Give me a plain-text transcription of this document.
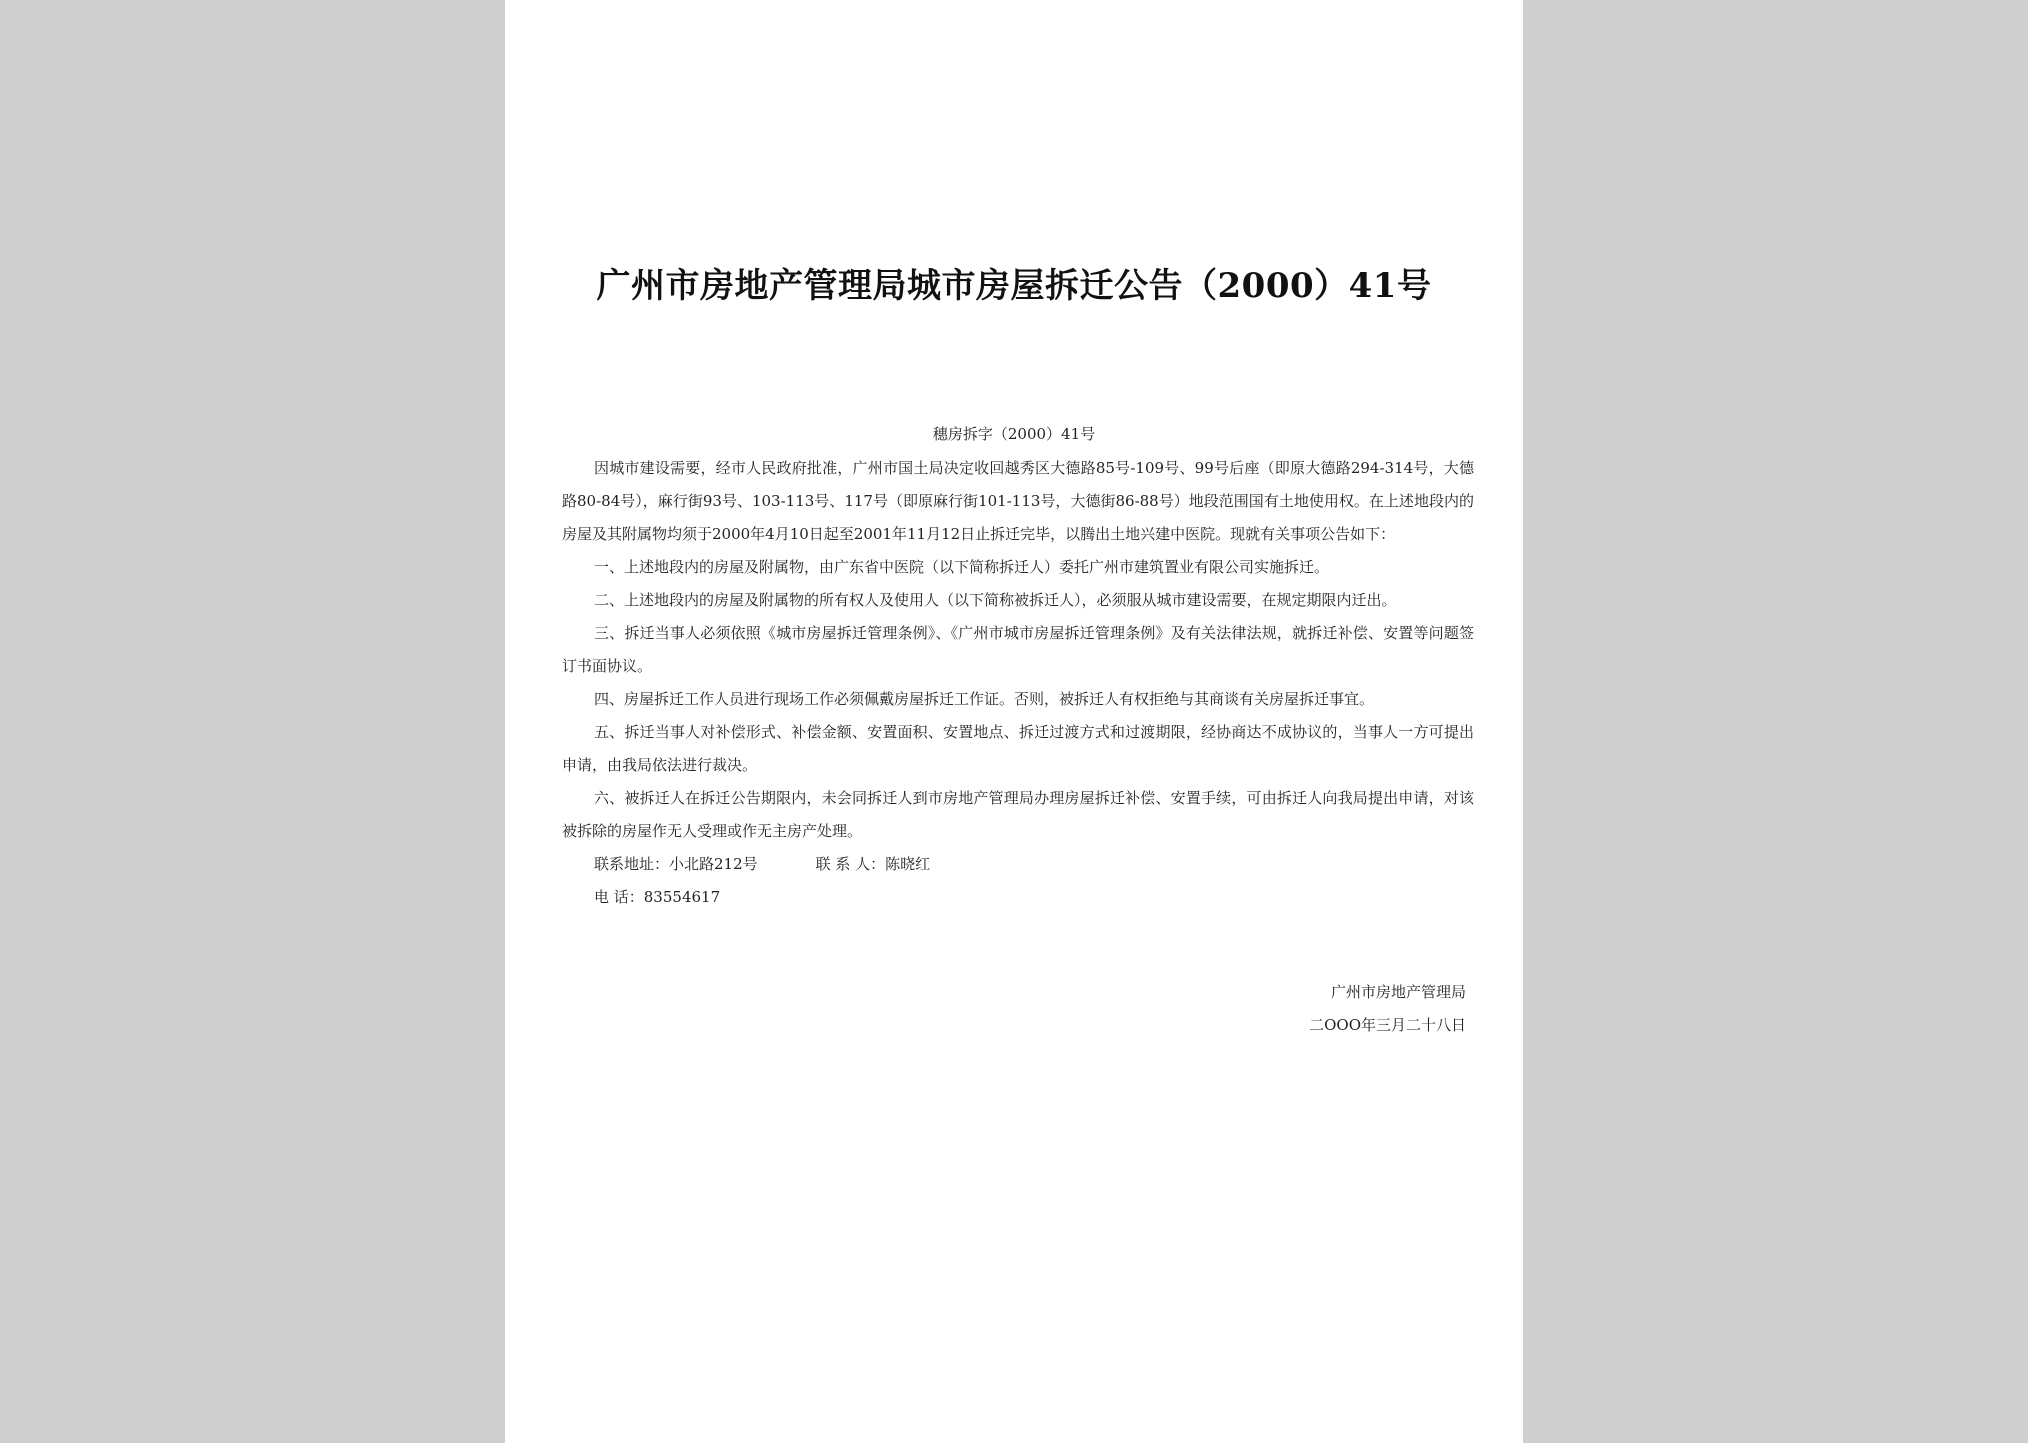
广州市房地产管理局城市房屋拆迁公告（2000）41号
穗房拆字（2000）41号

因城市建设需要，经市人民政府批准，广州市国土局决定收回越秀区大德路85号-109号、99号后座（即原大德路294-314号，大德路80-84号），麻行街93号、103-113号、117号（即原麻行街101-113号，大德街86-88号）地段范围国有土地使用权。在上述地段内的房屋及其附属物均须于2000年4月10日起至2001年11月12日止拆迁完毕，以腾出土地兴建中医院。现就有关事项公告如下：

一、上述地段内的房屋及附属物，由广东省中医院（以下简称拆迁人）委托广州市建筑置业有限公司实施拆迁。

二、上述地段内的房屋及附属物的所有权人及使用人（以下简称被拆迁人），必须服从城市建设需要，在规定期限内迁出。

三、拆迁当事人必须依照《城市房屋拆迁管理条例》、《广州市城市房屋拆迁管理条例》及有关法律法规，就拆迁补偿、安置等问题签订书面协议。

四、房屋拆迁工作人员进行现场工作必须佩戴房屋拆迁工作证。否则，被拆迁人有权拒绝与其商谈有关房屋拆迁事宜。

五、拆迁当事人对补偿形式、补偿金额、安置面积、安置地点、拆迁过渡方式和过渡期限，经协商达不成协议的，当事人一方可提出申请，由我局依法进行裁决。

六、被拆迁人在拆迁公告期限内，未会同拆迁人到市房地产管理局办理房屋拆迁补偿、安置手续，可由拆迁人向我局提出申请，对该被拆除的房屋作无人受理或作无主房产处理。

联系地址：小北路212号	联 系 人：陈晓红
电 话：83554617
广州市房地产管理局
二OOO年三月二十八日
